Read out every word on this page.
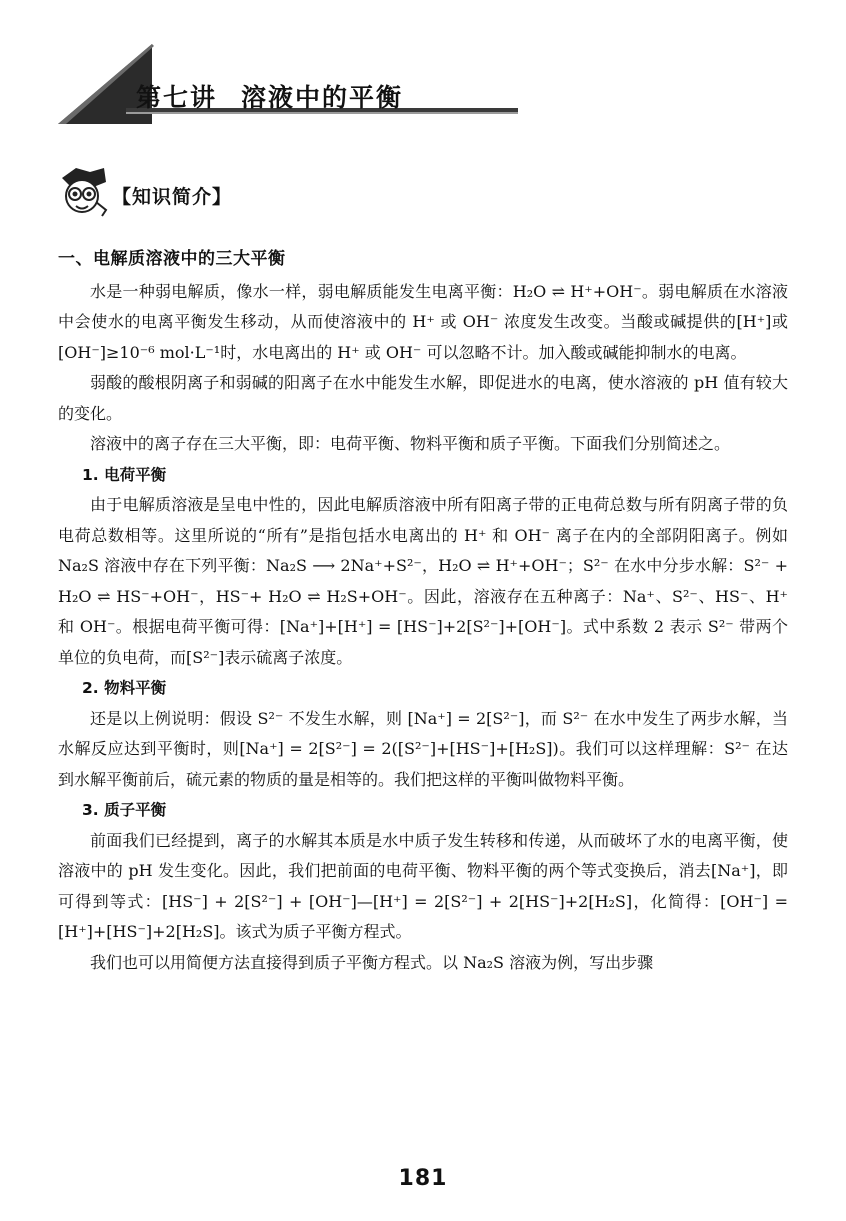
第七讲 溶液中的平衡
【知识简介】
一、电解质溶液中的三大平衡

水是一种弱电解质，像水一样，弱电解质能发生电离平衡：H₂O ⇌ H⁺+OH⁻。弱电解质在水溶液中会使水的电离平衡发生移动，从而使溶液中的 H⁺ 或 OH⁻ 浓度发生改变。当酸或碱提供的[H⁺]或[OH⁻]≥10⁻⁶ mol·L⁻¹时，水电离出的 H⁺ 或 OH⁻ 可以忽略不计。加入酸或碱能抑制水的电离。

弱酸的酸根阴离子和弱碱的阳离子在水中能发生水解，即促进水的电离，使水溶液的 pH 值有较大的变化。

溶液中的离子存在三大平衡，即：电荷平衡、物料平衡和质子平衡。下面我们分别简述之。

1. 电荷平衡

由于电解质溶液是呈电中性的，因此电解质溶液中所有阳离子带的正电荷总数与所有阴离子带的负电荷总数相等。这里所说的“所有”是指包括水电离出的 H⁺ 和 OH⁻ 离子在内的全部阴阳离子。例如 Na₂S 溶液中存在下列平衡：Na₂S ⟶ 2Na⁺+S²⁻，H₂O ⇌ H⁺+OH⁻；S²⁻ 在水中分步水解：S²⁻ + H₂O ⇌ HS⁻+OH⁻，HS⁻+ H₂O ⇌ H₂S+OH⁻。因此，溶液存在五种离子：Na⁺、S²⁻、HS⁻、H⁺ 和 OH⁻。根据电荷平衡可得：[Na⁺]+[H⁺] = [HS⁻]+2[S²⁻]+[OH⁻]。式中系数 2 表示 S²⁻ 带两个单位的负电荷，而[S²⁻]表示硫离子浓度。

2. 物料平衡

还是以上例说明：假设 S²⁻ 不发生水解，则 [Na⁺] = 2[S²⁻]，而 S²⁻ 在水中发生了两步水解，当水解反应达到平衡时，则[Na⁺] = 2[S²⁻] = 2([S²⁻]+[HS⁻]+[H₂S])。我们可以这样理解：S²⁻ 在达到水解平衡前后，硫元素的物质的量是相等的。我们把这样的平衡叫做物料平衡。

3. 质子平衡

前面我们已经提到，离子的水解其本质是水中质子发生转移和传递，从而破坏了水的电离平衡，使溶液中的 pH 发生变化。因此，我们把前面的电荷平衡、物料平衡的两个等式变换后，消去[Na⁺]，即可得到等式：[HS⁻] + 2[S²⁻] + [OH⁻]—[H⁺] = 2[S²⁻] + 2[HS⁻]+2[H₂S]，化简得：[OH⁻] = [H⁺]+[HS⁻]+2[H₂S]。该式为质子平衡方程式。

我们也可以用简便方法直接得到质子平衡方程式。以 Na₂S 溶液为例，写出步骤

181
